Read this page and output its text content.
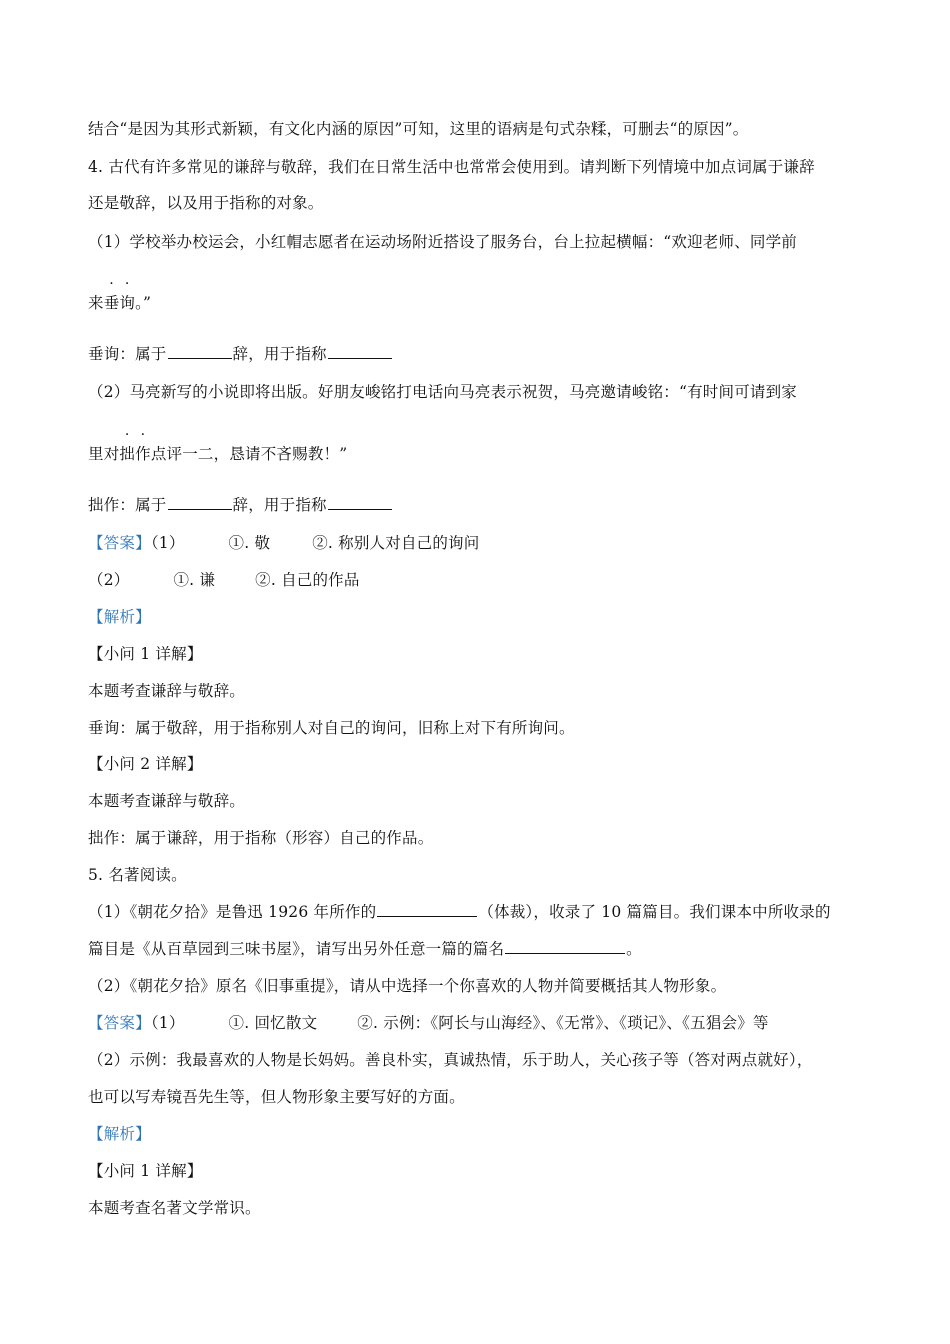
结合“是因为其形式新颖，有文化内涵的原因”可知，这里的语病是句式杂糅，可删去“的原因”。
4. 古代有许多常见的谦辞与敬辞，我们在日常生活中也常常会使用到。请判断下列情境中加点词属于谦辞
还是敬辞，以及用于指称的对象。
（1）学校举办校运会，小红帽志愿者在运动场附近搭设了服务台，台上拉起横幅：“欢迎老师、同学前
来垂询。”
垂询：属于	辞，用于指称
（2）马亮新写的小说即将出版。好朋友峻铭打电话向马亮表示祝贺，马亮邀请峻铭：“有时间可请到家
里对拙作点评一二，恳请不吝赐教！”
拙作：属于	辞，用于指称
【答案】（1）	①. 敬	②. 称别人对自己的询问
（2）	①. 谦	②. 自己的作品
【解析】
【小问 1 详解】
本题考查谦辞与敬辞。
垂询：属于敬辞，用于指称别人对自己的询问，旧称上对下有所询问。
【小问 2 详解】
本题考查谦辞与敬辞。
拙作：属于谦辞，用于指称（形容）自己的作品。
5. 名著阅读。
（1）《朝花夕拾》是鲁迅 1926 年所作的	（体裁），收录了 10 篇篇目。我们课本中所收录的
篇目是《从百草园到三味书屋》，请写出另外任意一篇的篇名	。
（2）《朝花夕拾》原名《旧事重提》，请从中选择一个你喜欢的人物并简要概括其人物形象。
【答案】（1）	①. 回忆散文	②. 示例：《阿长与山海经》、《无常》、《琐记》、《五猖会》等
（2）示例：我最喜欢的人物是长妈妈。善良朴实，真诚热情，乐于助人，关心孩子等（答对两点就好），
也可以写寿镜吾先生等，但人物形象主要写好的方面。
【解析】
【小问 1 详解】
本题考查名著文学常识。
